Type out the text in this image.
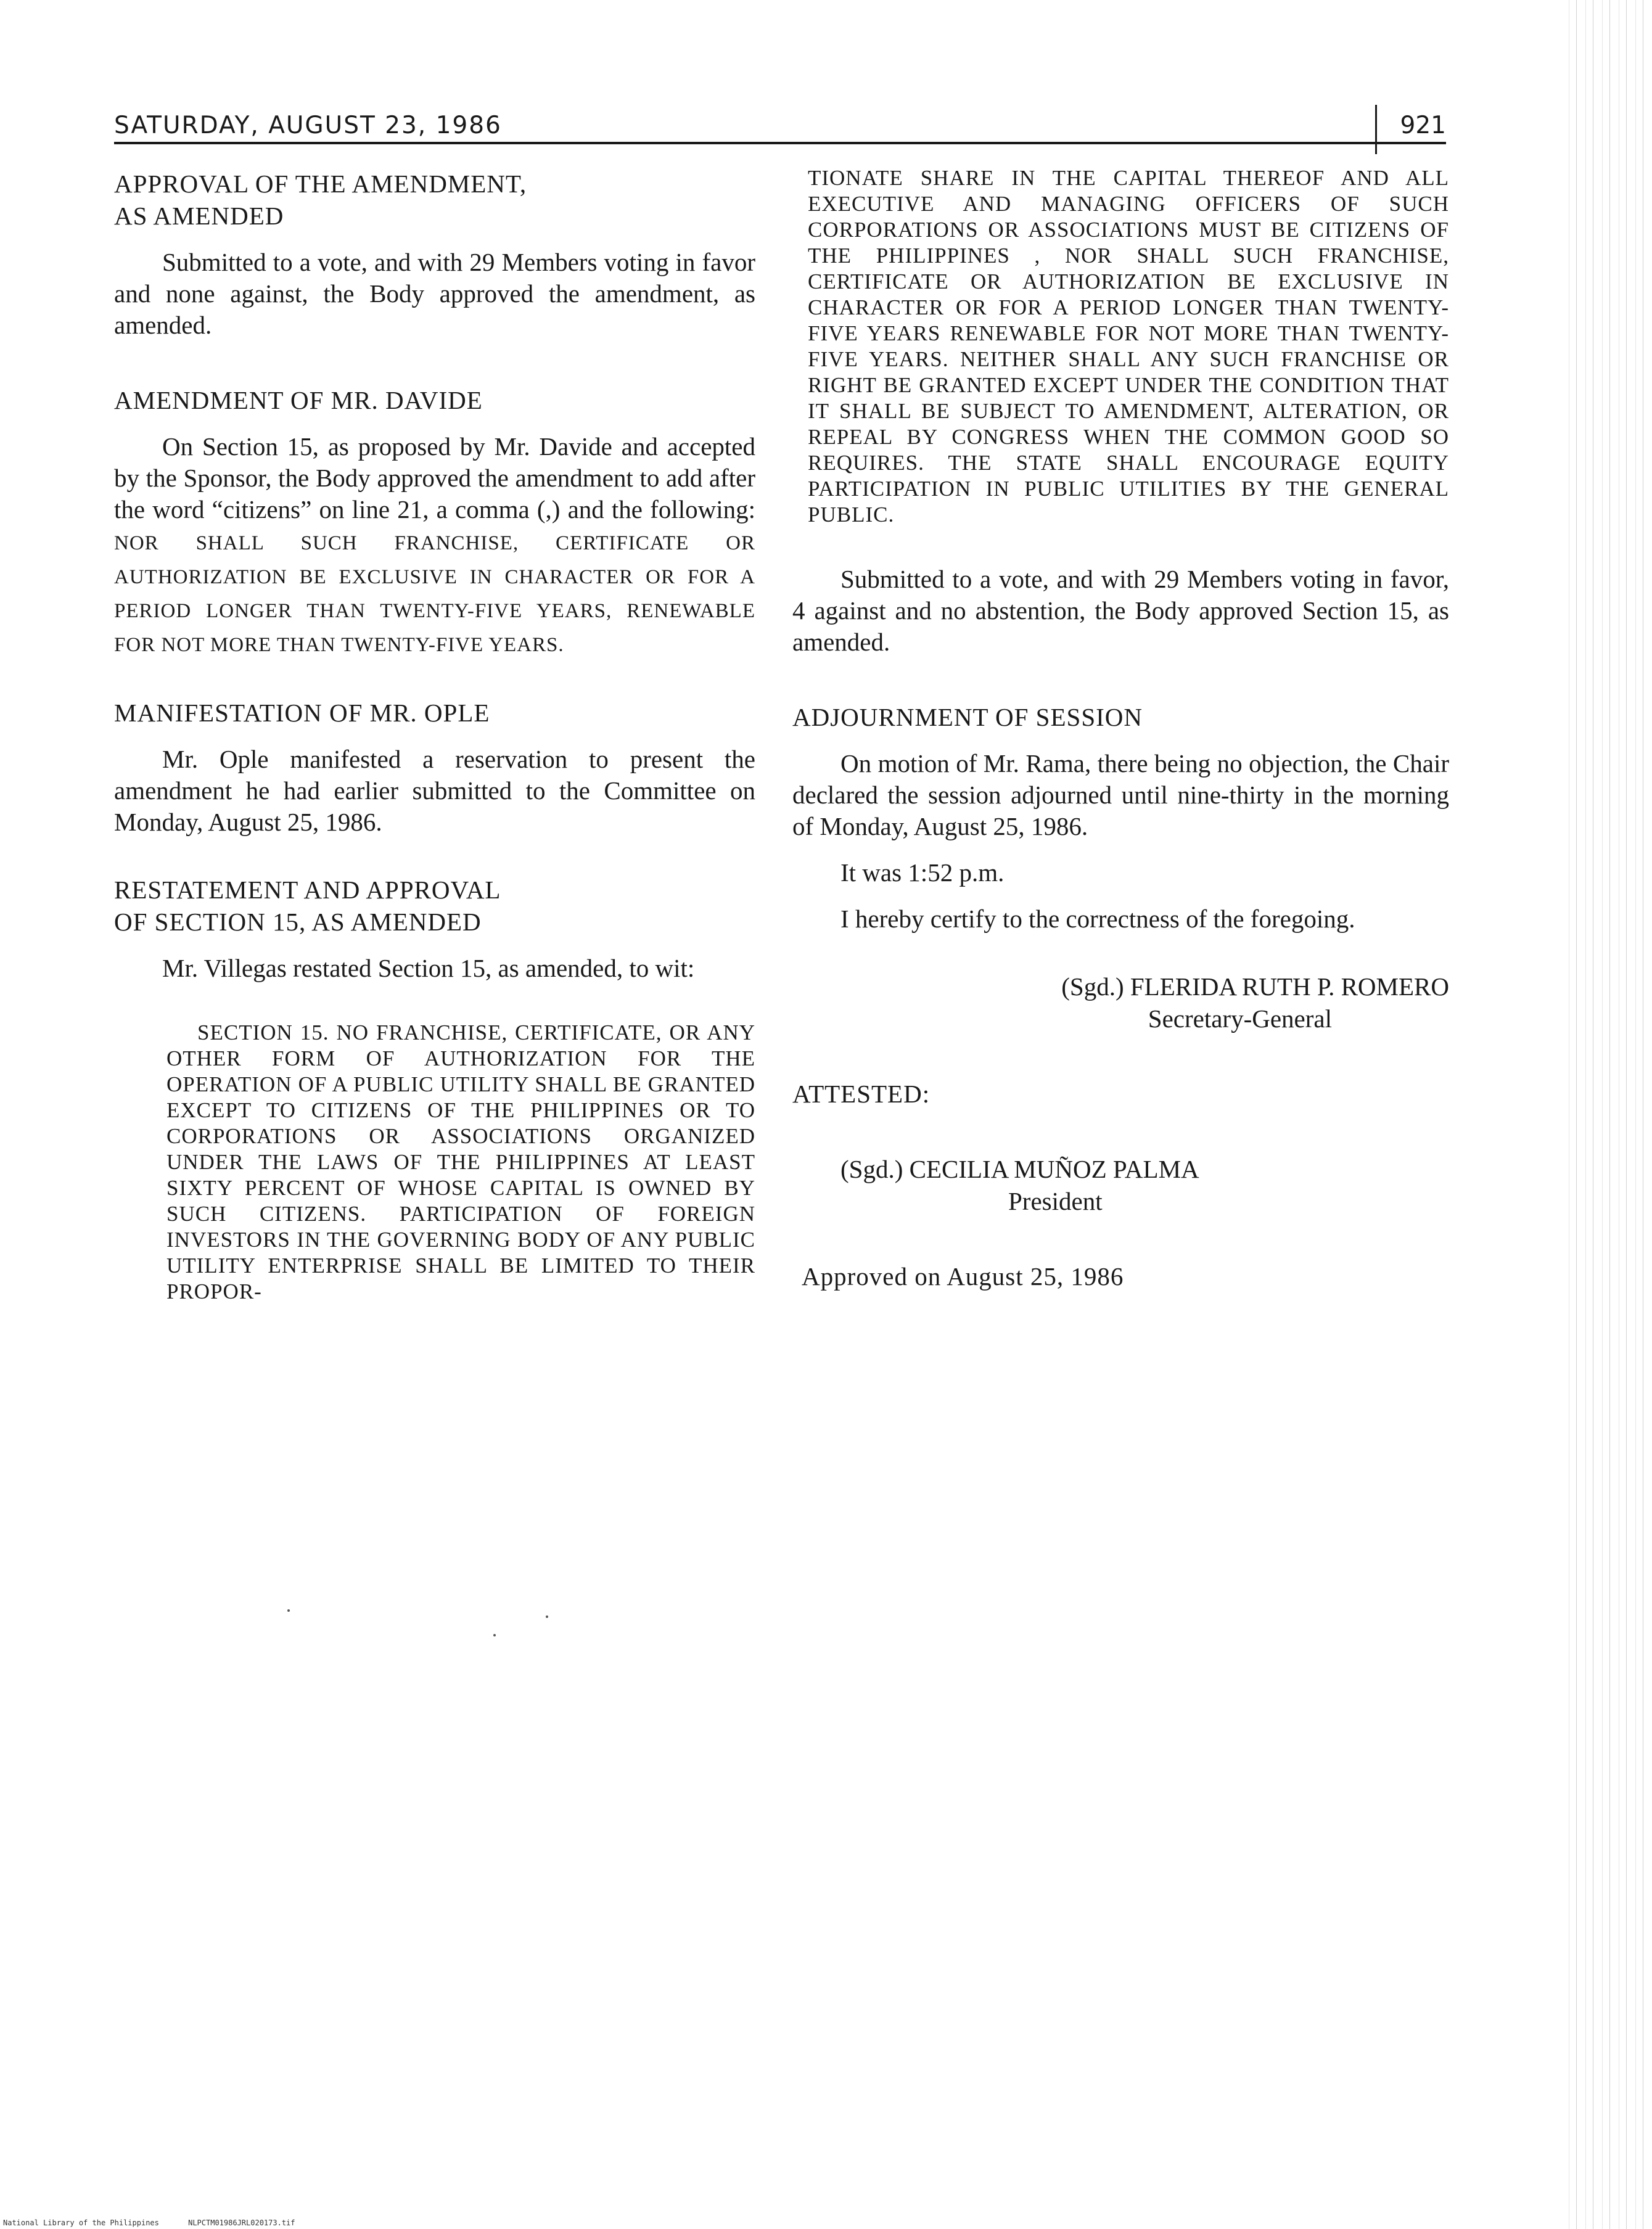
SATURDAY, AUGUST 23, 1986	921

APPROVAL OF THE AMENDMENT,
AS AMENDED

Submitted to a vote, and with 29 Members voting in favor and none against, the Body approved the amendment, as amended.

AMENDMENT OF MR. DAVIDE

On Section 15, as proposed by Mr. Davide and accepted by the Sponsor, the Body approved the amendment to add after the word “citizens” on line 21, a comma (,) and the following: NOR SHALL SUCH FRANCHISE, CERTIFICATE OR AUTHORIZATION BE EXCLUSIVE IN CHARACTER OR FOR A PERIOD LONGER THAN TWENTY-FIVE YEARS, RENEWABLE FOR NOT MORE THAN TWENTY-FIVE YEARS.

MANIFESTATION OF MR. OPLE

Mr. Ople manifested a reservation to present the amendment he had earlier submitted to the Committee on Monday, August 25, 1986.

RESTATEMENT AND APPROVAL
OF SECTION 15, AS AMENDED

Mr. Villegas restated Section 15, as amended, to wit:

SECTION 15. NO FRANCHISE, CERTIFICATE, OR ANY OTHER FORM OF AUTHORIZATION FOR THE OPERATION OF A PUBLIC UTILITY SHALL BE GRANTED EXCEPT TO CITIZENS OF THE PHILIPPINES OR TO CORPORATIONS OR ASSOCIATIONS ORGANIZED UNDER THE LAWS OF THE PHILIPPINES AT LEAST SIXTY PERCENT OF WHOSE CAPITAL IS OWNED BY SUCH CITIZENS. PARTICIPATION OF FOREIGN INVESTORS IN THE GOVERNING BODY OF ANY PUBLIC UTILITY ENTERPRISE SHALL BE LIMITED TO THEIR PROPOR-

TIONATE SHARE IN THE CAPITAL THEREOF AND ALL EXECUTIVE AND MANAGING OFFICERS OF SUCH CORPORATIONS OR ASSOCIATIONS MUST BE CITIZENS OF THE PHILIPPINES , NOR SHALL SUCH FRANCHISE, CERTIFICATE OR AUTHORIZATION BE EXCLUSIVE IN CHARACTER OR FOR A PERIOD LONGER THAN TWENTY-FIVE YEARS RENEWABLE FOR NOT MORE THAN TWENTY-FIVE YEARS. NEITHER SHALL ANY SUCH FRANCHISE OR RIGHT BE GRANTED EXCEPT UNDER THE CONDITION THAT IT SHALL BE SUBJECT TO AMENDMENT, ALTERATION, OR REPEAL BY CONGRESS WHEN THE COMMON GOOD SO REQUIRES. THE STATE SHALL ENCOURAGE EQUITY PARTICIPATION IN PUBLIC UTILITIES BY THE GENERAL PUBLIC.

Submitted to a vote, and with 29 Members voting in favor, 4 against and no abstention, the Body approved Section 15, as amended.

ADJOURNMENT OF SESSION

On motion of Mr. Rama, there being no objection, the Chair declared the session adjourned until nine-thirty in the morning of Monday, August 25, 1986.

It was 1:52 p.m.

I hereby certify to the correctness of the foregoing.

(Sgd.) FLERIDA RUTH P. ROMERO
Secretary-General

ATTESTED:

(Sgd.) CECILIA MUÑOZ PALMA
President

Approved on August 25, 1986

National Library of the Philippines	NLPCTM01986JRL020173.tif
